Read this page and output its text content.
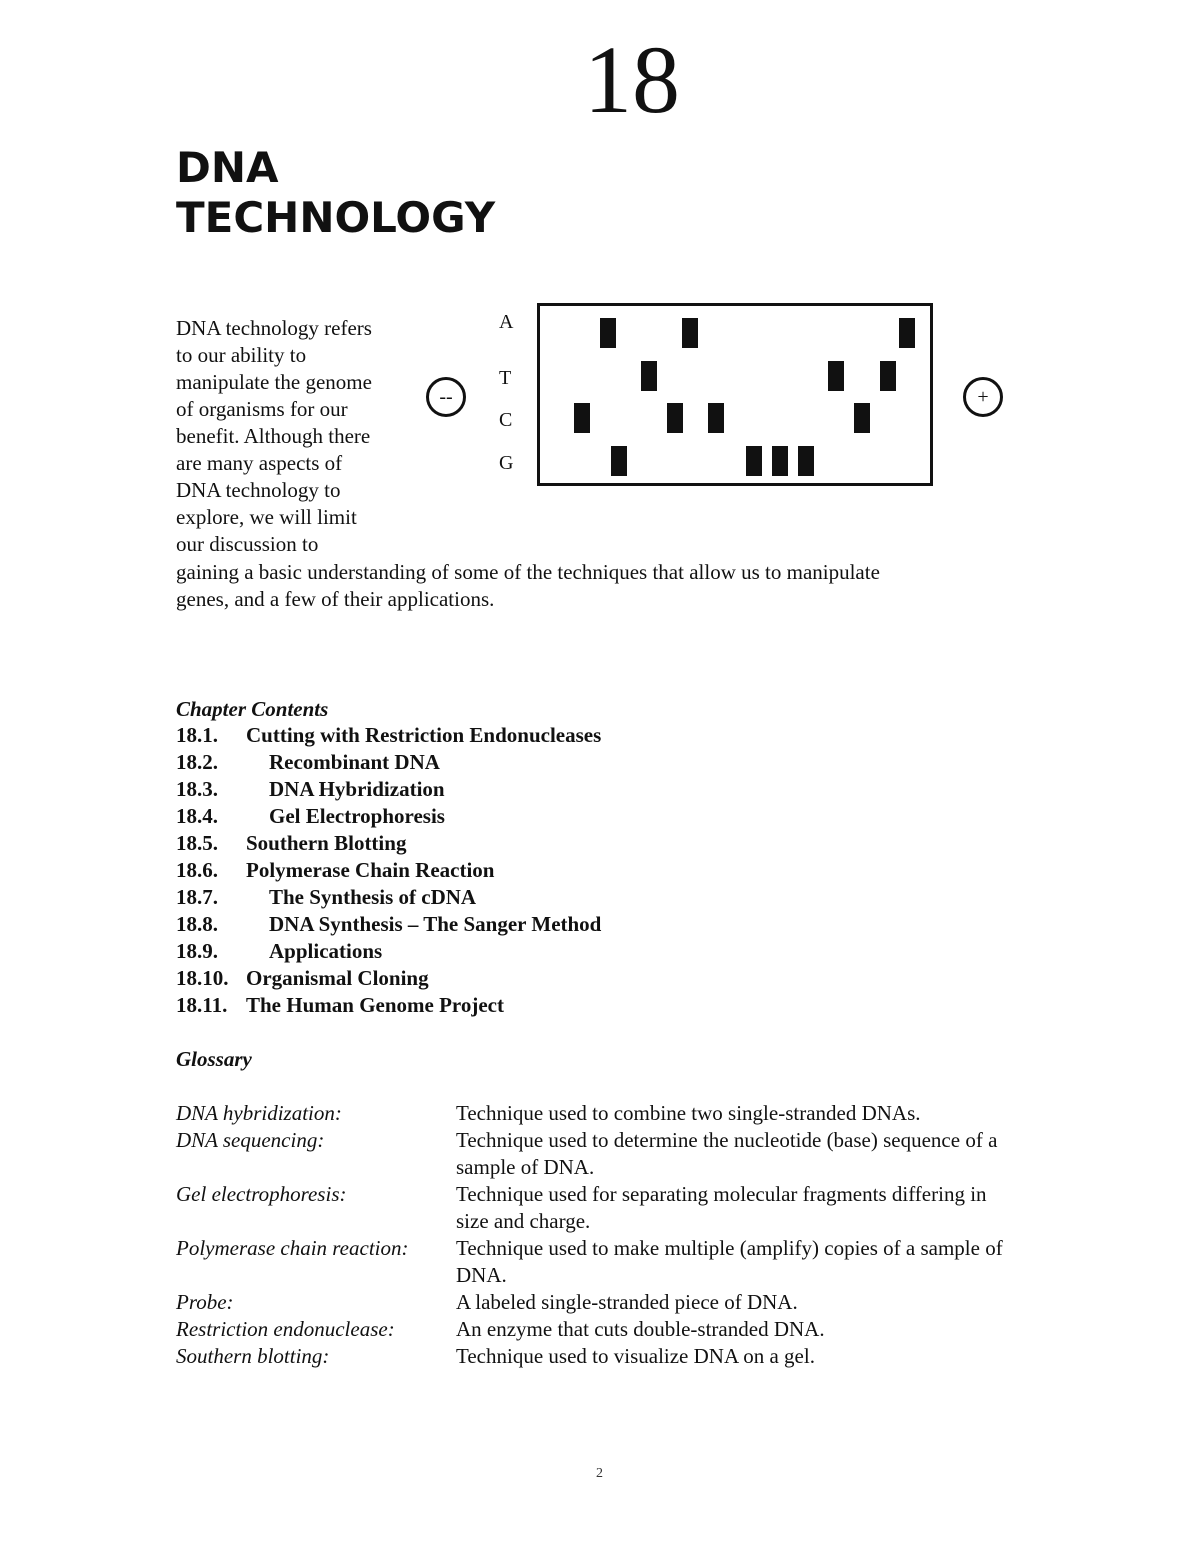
18
DNA
TECHNOLOGY
DNA technology refers
to our ability to
manipulate the genome
of organisms for our
benefit. Although there
are many aspects of
DNA technology to
explore, we will limit
our discussion to
gaining a basic understanding of some of the techniques that allow us to manipulate
genes, and a few of their applications.
--
A
T
C
G
+
Chapter Contents
18.1. Cutting with Restriction Endonucleases
18.2. Recombinant DNA
18.3. DNA Hybridization
18.4. Gel Electrophoresis
18.5. Southern Blotting
18.6. Polymerase Chain Reaction
18.7. The Synthesis of cDNA
18.8. DNA Synthesis – The Sanger Method
18.9. Applications
18.10. Organismal Cloning
18.11. The Human Genome Project
Glossary
DNA hybridization:	Technique used to combine two single-stranded DNAs.
DNA sequencing:	Technique used to determine the nucleotide (base) sequence of a sample of DNA.
Gel electrophoresis:	Technique used for separating molecular fragments differing in size and charge.
Polymerase chain reaction: Technique used to make multiple (amplify) copies of a sample of DNA.
Probe:	A labeled single-stranded piece of DNA.
Restriction endonuclease:	An enzyme that cuts double-stranded DNA.
Southern blotting:	Technique used to visualize DNA on a gel.
2
